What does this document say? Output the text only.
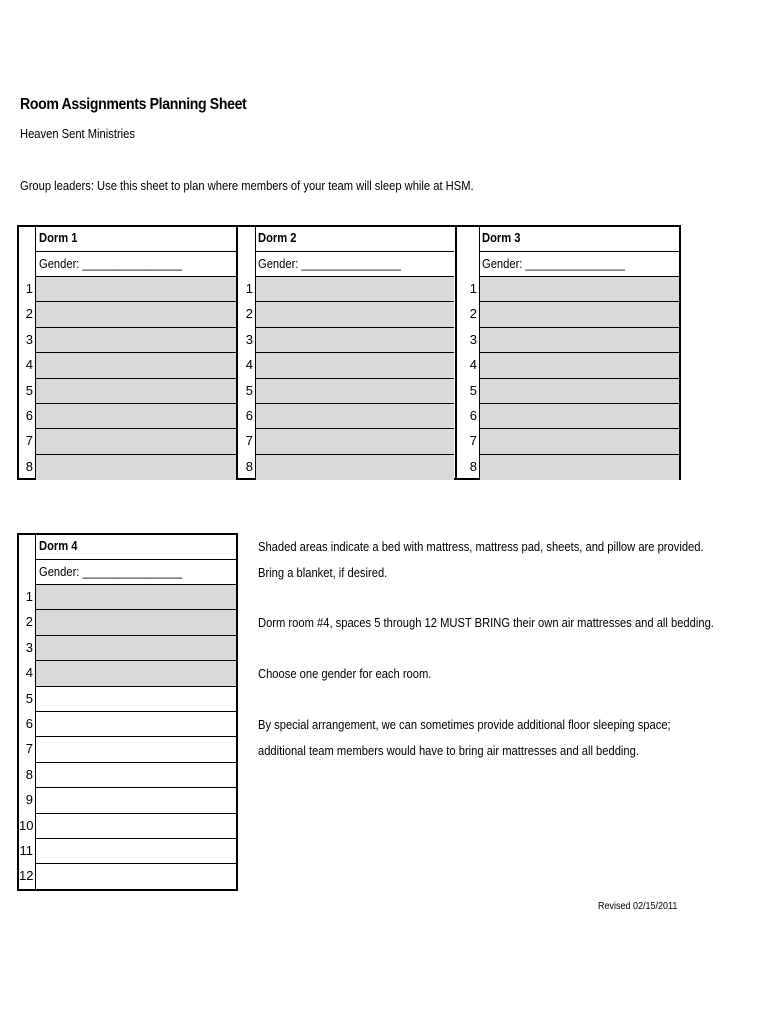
Room Assignments Planning Sheet
Heaven Sent Ministries
Group leaders: Use this sheet to plan where members of your team will sleep while at HSM.
Dorm 1
Gender: ________________
Dorm 2
Gender: ________________
Dorm 3
Gender: ________________
Dorm 4
Gender: ________________
Shaded areas indicate a bed with mattress, mattress pad, sheets, and pillow are provided.
Bring a blanket, if desired.
Dorm room #4, spaces 5 through 12 MUST BRING their own air mattresses and all bedding.
Choose one gender for each room.
By special arrangement, we can sometimes provide additional floor sleeping space;
additional team members would have to bring air mattresses and all bedding.
Revised 02/15/2011
1
2
3
4
5
6
7
8
1
2
3
4
5
6
7
8
1
2
3
4
5
6
7
8
1
2
3
4
5
6
7
8
9
10
11
12
